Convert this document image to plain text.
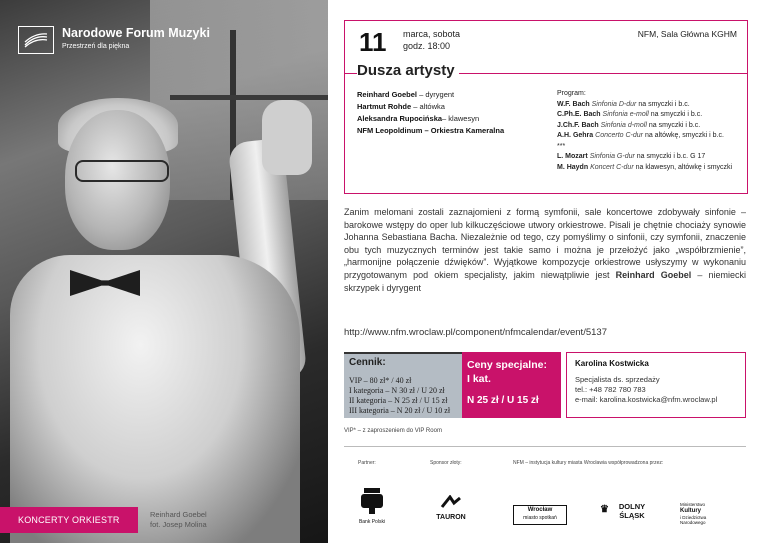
Narodowe Forum Muzyki
Przestrzeń dla piękna
KONCERTY ORKIESTR
Reinhard Goebel
fot. Josep Molina
11 marca, sobota
godz. 18:00
NFM, Sala Główna KGHM
Dusza artysty
Reinhard Goebel – dyrygent
Hartmut Rohde – altówka
Aleksandra Rupocińska– klawesyn
NFM Leopoldinum – Orkiestra Kameralna
Program:
W.F. Bach Sinfonia D-dur na smyczki i b.c.
C.Ph.E. Bach Sinfonia e-moll na smyczki i b.c.
J.Ch.F. Bach Sinfonia d-moll na smyczki i b.c.
A.H. Gehra Concerto C-dur na altówkę, smyczki i b.c.
***
L. Mozart Sinfonia G-dur na smyczki i b.c. G 17
M. Haydn Koncert C-dur na klawesyn, altówkę i smyczki
Zanim melomani zostali zaznajomieni z formą symfonii, sale koncertowe zdobywały sinfonie – barokowe wstępy do oper lub kilkuczęściowe utwory orkiestrowe. Pisali je chętnie chociaży synowie Johanna Sebastiana Bacha. Niezależnie od tego, czy pomyślimy o sinfonii, czy symfonii, znaczenie obu tych muzycznych terminów jest takie samo i można je przełożyć jako „współbrzmienie”, „harmonijne połączenie dźwięków”. Wyjątkowe kompozycje orkiestrowe usłyszymy w wykonaniu przygotowanym pod okiem specjalisty, jakim niewątpliwie jest Reinhard Goebel – niemiecki skrzypek i dyrygent
http://www.nfm.wroclaw.pl/component/nfmcalendar/event/5137
Cennik:
VIP – 80 zł* / 40 zł
I kategoria – N 30 zł / U 20 zł
II kategoria – N 25 zł / U 15 zł
III kategoria – N 20 zł / U 10 zł
Ceny specjalne:
I kat.
N 25 zł / U 15 zł
Karolina Kostwicka
Specjalista ds. sprzedaży
tel.: +48 782 780 783
e-mail: karolina.kostwicka@nfm.wroclaw.pl
VIP* – z zaproszeniem do VIP Room
Partner:	Sponsor złoty:	NFM – instytucja kultury miasta Wrocławia współprowadzona przez:
Bank Polski
TAURON
Wrocław
miasto spotkań
♛	DOLNY
ŚLĄSK
Ministerstwo
Kultury
i Dziedzictwa
Narodowego
